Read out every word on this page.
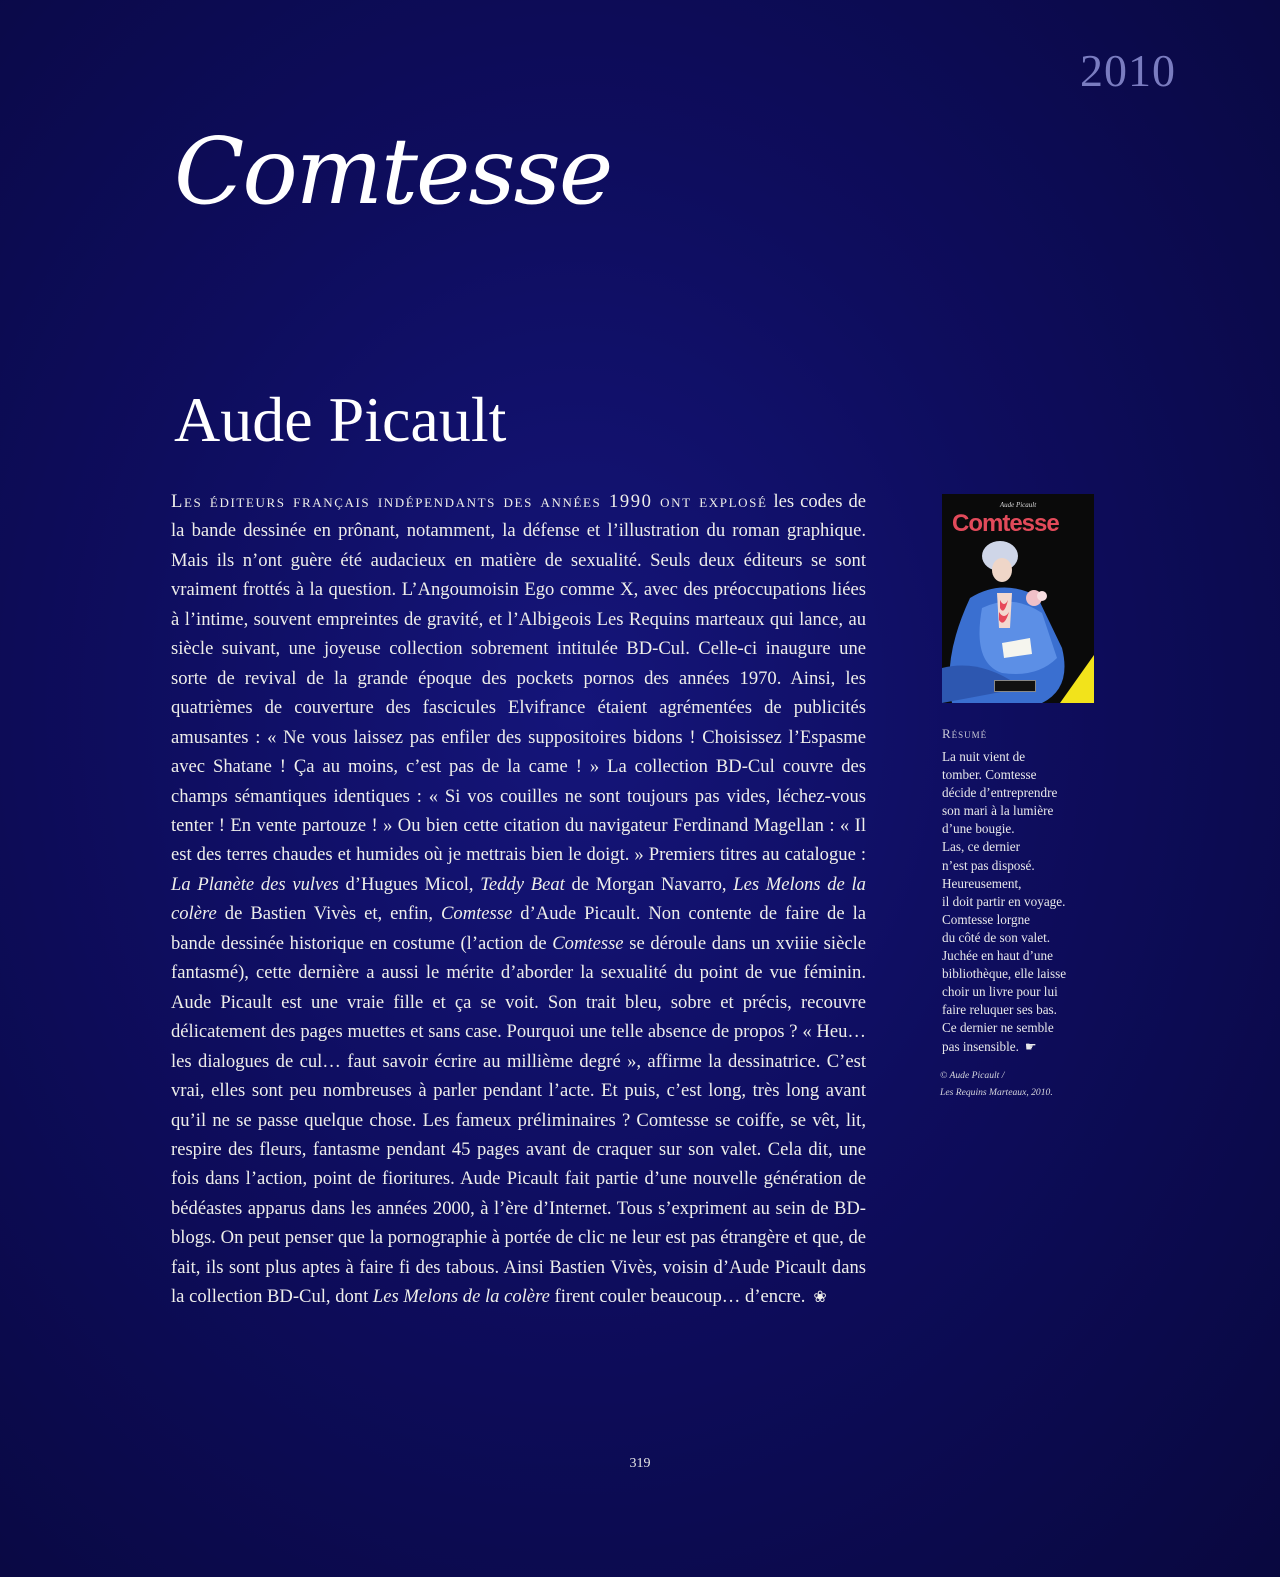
2010
Comtesse
Aude Picault

Les éditeurs français indépendants des années 1990 ont explosé les codes de la bande dessinée en prônant, notamment, la défense et l’illustration du roman graphique. Mais ils n’ont guère été audacieux en matière de sexualité. Seuls deux éditeurs se sont vraiment frottés à la question. L’Angoumoisin Ego comme X, avec des préoccupations liées à l’intime, souvent empreintes de gravité, et l’Albigeois Les Requins marteaux qui lance, au siècle suivant, une joyeuse collection sobrement intitulée BD-Cul. Celle-ci inaugure une sorte de revival de la grande époque des pockets pornos des années 1970. Ainsi, les quatrièmes de couverture des fascicules Elvifrance étaient agrémentées de publicités amusantes : « Ne vous laissez pas enfiler des suppositoires bidons ! Choisissez l’Espasme avec Shatane ! Ça au moins, c’est pas de la came ! » La collection BD-Cul couvre des champs sémantiques identiques : « Si vos couilles ne sont toujours pas vides, léchez-vous tenter ! En vente partouze ! » Ou bien cette citation du navigateur Ferdinand Magellan : « Il est des terres chaudes et humides où je mettrais bien le doigt. » Premiers titres au catalogue : La Planète des vulves d’Hugues Micol, Teddy Beat de Morgan Navarro, Les Melons de la colère de Bastien Vivès et, enfin, Comtesse d’Aude Picault. Non contente de faire de la bande dessinée historique en costume (l’action de Comtesse se déroule dans un xviiie siècle fantasmé), cette dernière a aussi le mérite d’aborder la sexualité du point de vue féminin. Aude Picault est une vraie fille et ça se voit. Son trait bleu, sobre et précis, recouvre délicatement des pages muettes et sans case. Pourquoi une telle absence de propos ? « Heu… les dialogues de cul… faut savoir écrire au millième degré », affirme la dessinatrice. C’est vrai, elles sont peu nombreuses à parler pendant l’acte. Et puis, c’est long, très long avant qu’il ne se passe quelque chose. Les fameux préliminaires ? Comtesse se coiffe, se vêt, lit, respire des fleurs, fantasme pendant 45 pages avant de craquer sur son valet. Cela dit, une fois dans l’action, point de fioritures. Aude Picault fait partie d’une nouvelle génération de bédéastes apparus dans les années 2000, à l’ère d’Internet. Tous s’expriment au sein de BD-blogs. On peut penser que la pornographie à portée de clic ne leur est pas étrangère et que, de fait, ils sont plus aptes à faire fi des tabous. Ainsi Bastien Vivès, voisin d’Aude Picault dans la collection BD-Cul, dont Les Melons de la colère firent couler beaucoup… d’encre. ❀

Aude Picault
Comtesse
Résumé
La nuit vient de
tomber. Comtesse
décide d’entreprendre
son mari à la lumière
d’une bougie.
Las, ce dernier
n’est pas disposé.
Heureusement,
il doit partir en voyage.
Comtesse lorgne
du côté de son valet.
Juchée en haut d’une
bibliothèque, elle laisse
choir un livre pour lui
faire reluquer ses bas.
Ce dernier ne semble
pas insensible. ☛
© Aude Picault /
Les Requins Marteaux, 2010.
319
